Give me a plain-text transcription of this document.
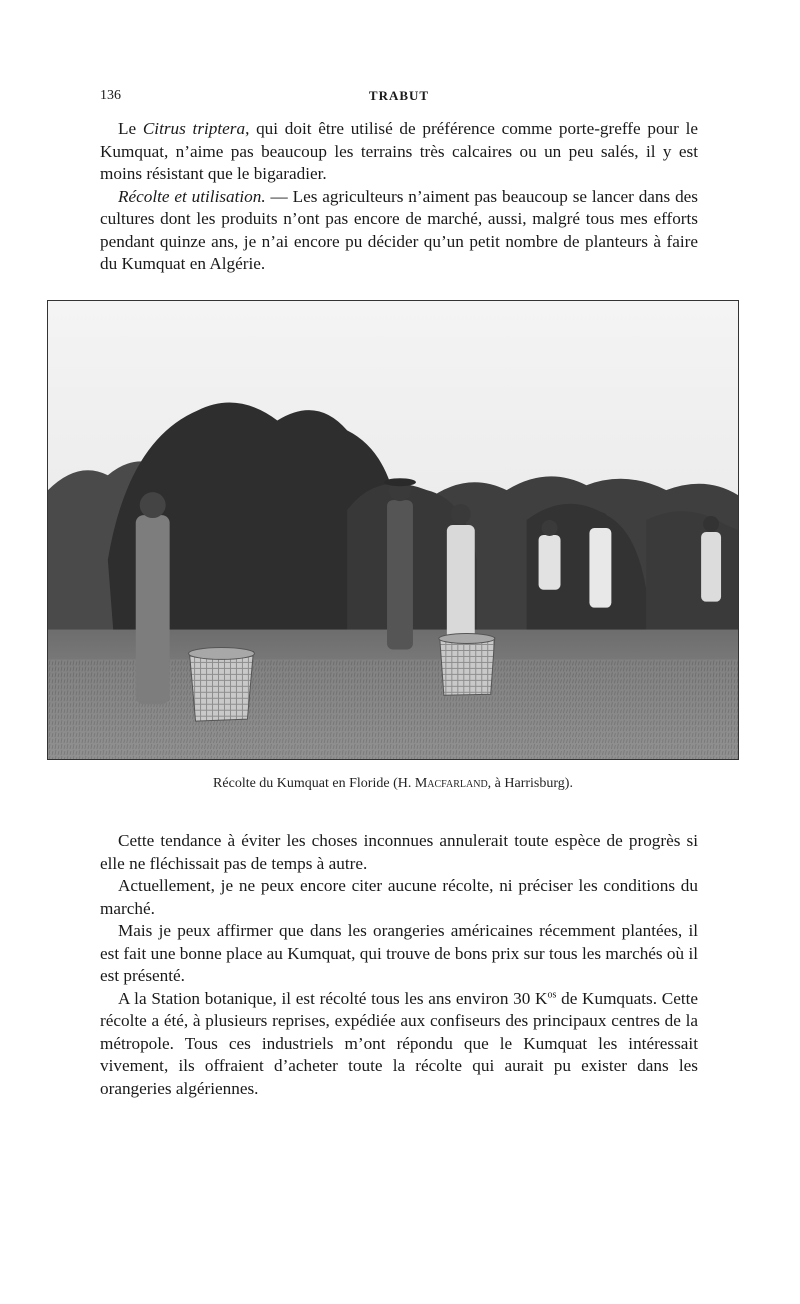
136	TRABUT

Le Citrus triptera, qui doit être utilisé de préférence comme porte-greffe pour le Kumquat, n’aime pas beaucoup les terrains très calcaires ou un peu salés, il y est moins résistant que le bigaradier.

Récolte et utilisation. — Les agriculteurs n’aiment pas beaucoup se lancer dans des cultures dont les produits n’ont pas encore de marché, aussi, malgré tous mes efforts pendant quinze ans, je n’ai encore pu décider qu’un petit nombre de planteurs à faire du Kumquat en Algérie.

Récolte du Kumquat en Floride (H. Macfarland, à Harrisburg).

Cette tendance à éviter les choses inconnues annulerait toute espèce de progrès si elle ne fléchissait pas de temps à autre.

Actuellement, je ne peux encore citer aucune récolte, ni préciser les conditions du marché.

Mais je peux affirmer que dans les orangeries américaines récemment plantées, il est fait une bonne place au Kumquat, qui trouve de bons prix sur tous les marchés où il est présenté.

A la Station botanique, il est récolté tous les ans environ 30 $K^{os}$ de Kumquats. Cette récolte a été, à plusieurs reprises, expédiée aux confiseurs des principaux centres de la métropole. Tous ces industriels m’ont répondu que le Kumquat les intéressait vivement, ils offraient d’acheter toute la récolte qui aurait pu exister dans les orangeries algériennes.
